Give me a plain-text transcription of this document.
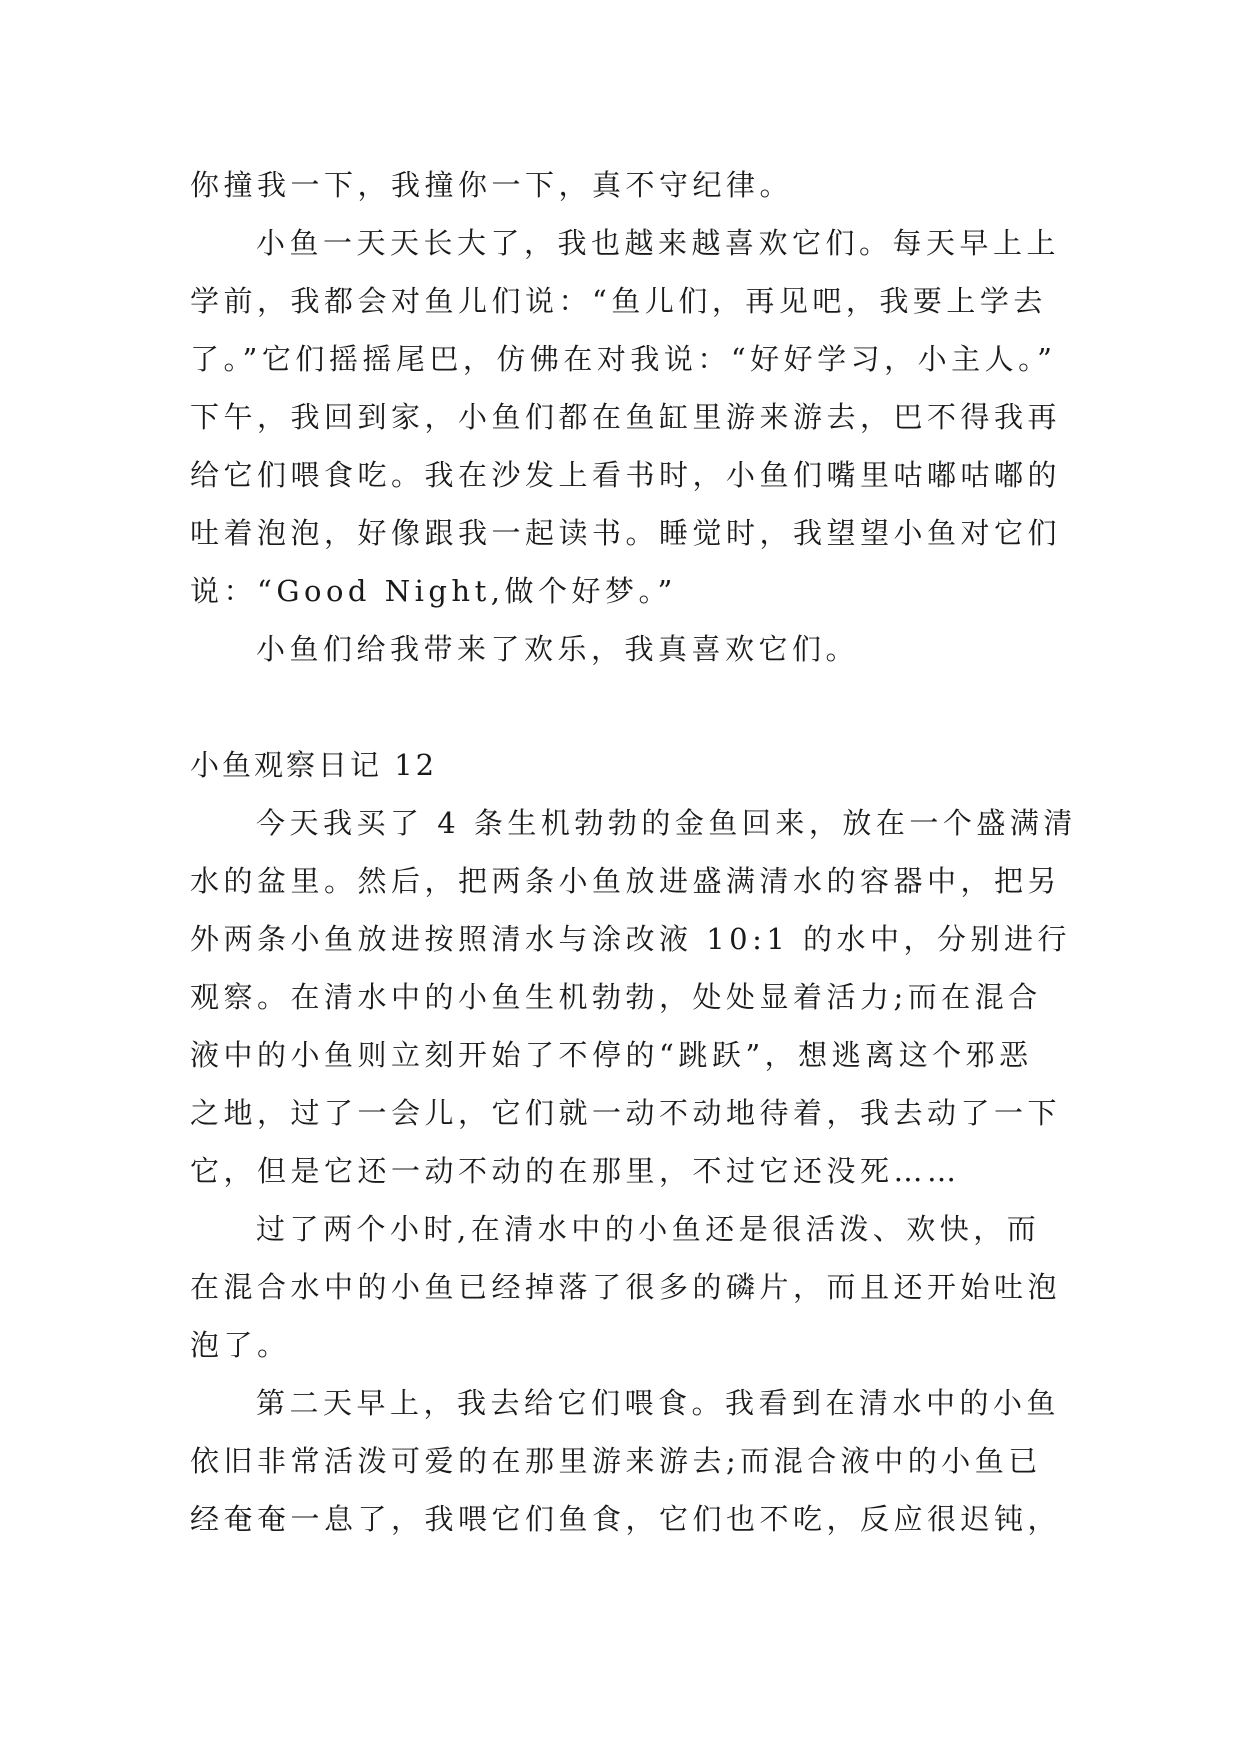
你撞我一下，我撞你一下，真不守纪律。
小鱼一天天长大了，我也越来越喜欢它们。每天早上上
学前，我都会对鱼儿们说：“鱼儿们，再见吧，我要上学去
了。”它们摇摇尾巴，仿佛在对我说：“好好学习，小主人。”
下午，我回到家，小鱼们都在鱼缸里游来游去，巴不得我再
给它们喂食吃。我在沙发上看书时，小鱼们嘴里咕嘟咕嘟的
吐着泡泡，好像跟我一起读书。睡觉时，我望望小鱼对它们
说：“Good Night,做个好梦。”
小鱼们给我带来了欢乐，我真喜欢它们。
小鱼观察日记 12
今天我买了 4 条生机勃勃的金鱼回来，放在一个盛满清
水的盆里。然后，把两条小鱼放进盛满清水的容器中，把另
外两条小鱼放进按照清水与涂改液 10:1 的水中，分别进行
观察。在清水中的小鱼生机勃勃，处处显着活力;而在混合
液中的小鱼则立刻开始了不停的“跳跃”，想逃离这个邪恶
之地，过了一会儿，它们就一动不动地待着，我去动了一下
它，但是它还一动不动的在那里，不过它还没死……
过了两个小时,在清水中的小鱼还是很活泼、欢快，而
在混合水中的小鱼已经掉落了很多的磷片，而且还开始吐泡
泡了。
第二天早上，我去给它们喂食。我看到在清水中的小鱼
依旧非常活泼可爱的在那里游来游去;而混合液中的小鱼已
经奄奄一息了，我喂它们鱼食，它们也不吃，反应很迟钝，
